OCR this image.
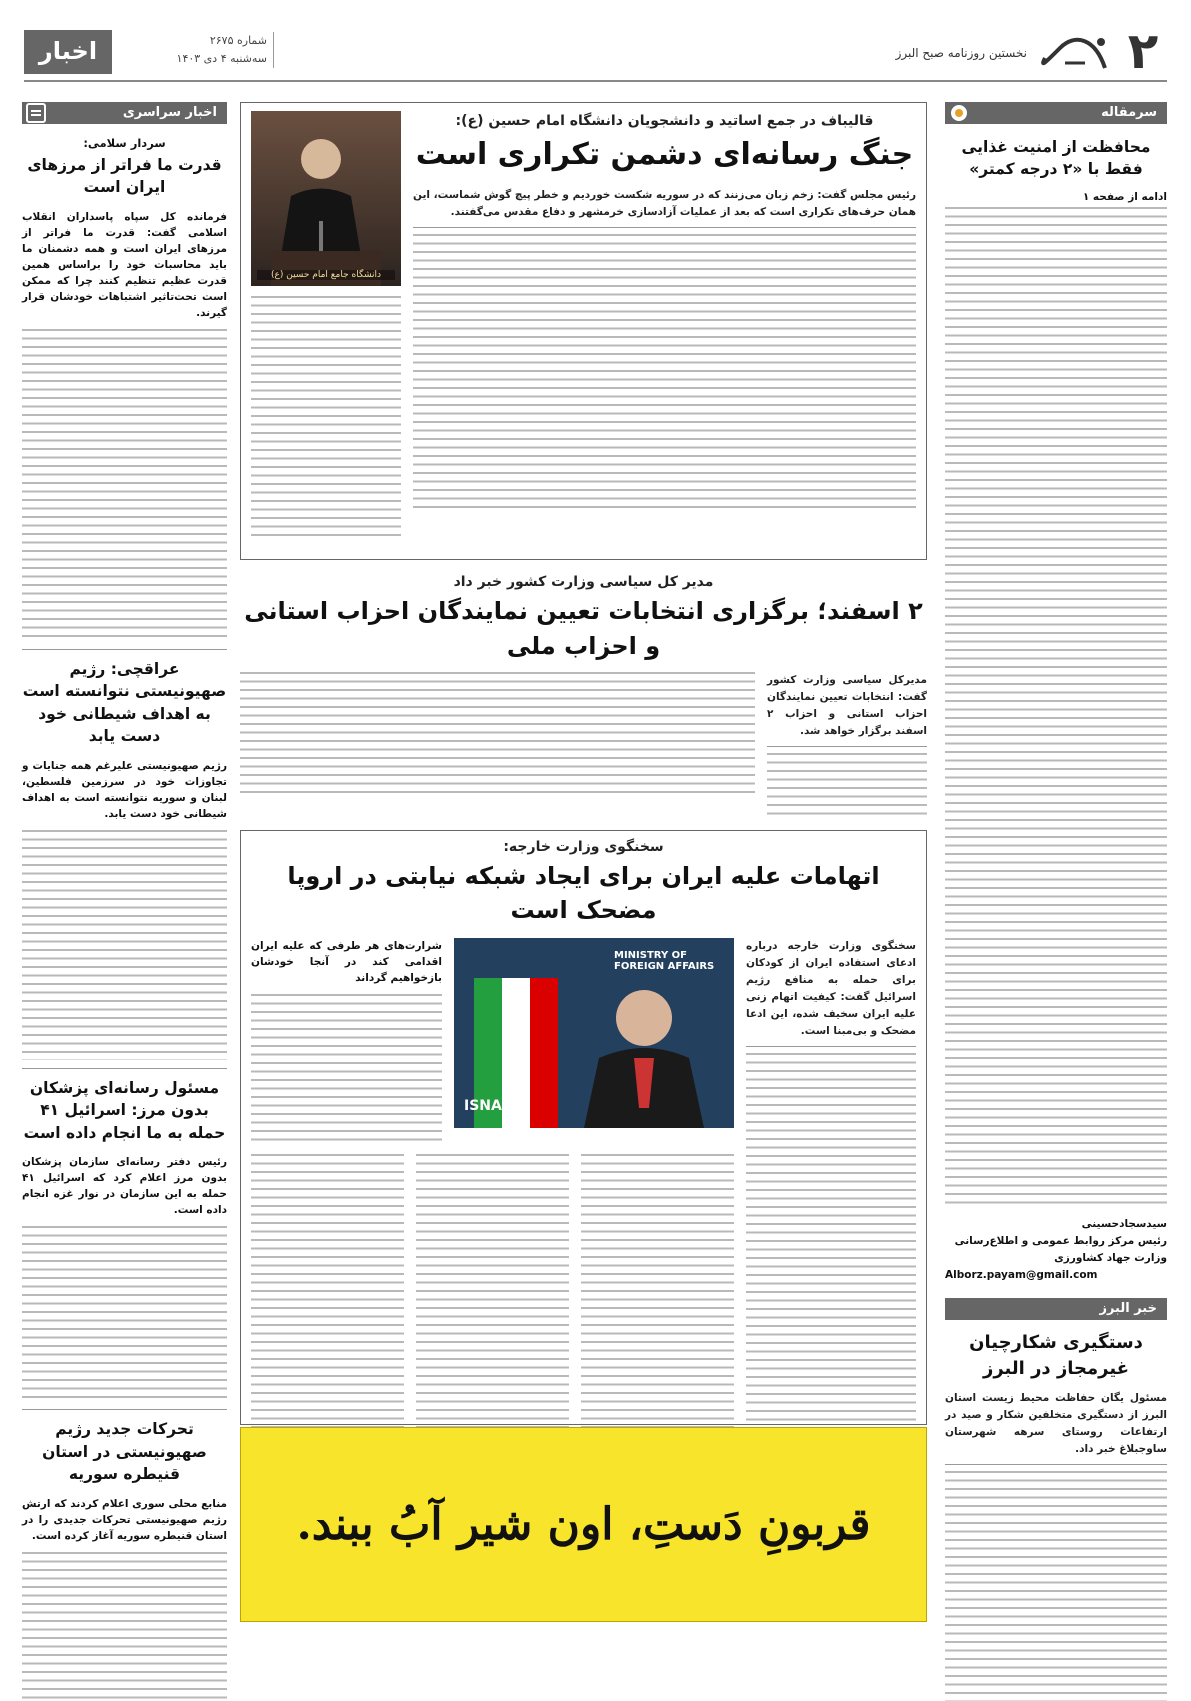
۲
نخستین روزنامه صبح البرز
شماره ۲۶۷۵
سه‌شنبه ۴ دی ۱۴۰۳
اخبار
سرمقاله
محافظت از امنیت غذایی فقط با «۲ درجه کمتر»
ادامه از صفحه ۱
سیدسجادحسینی
رئیس مرکز روابط عمومی و اطلاع‌رسانی وزارت جهاد کشاورزی
Alborz.payam@gmail.com
خبر البرز
دستگیری شکارچیان غیرمجاز در البرز
مسئول یگان حفاظت محیط زیست استان البرز از دستگیری متخلفین شکار و صید در ارتفاعات روستای سرهه شهرستان ساوجبلاغ خبر داد.
اخبار سراسری
سردار سلامی:
قدرت ما فراتر از مرزهای ایران است
فرمانده کل سپاه پاسداران انقلاب اسلامی گفت: قدرت ما فراتر از مرزهای ایران است و همه دشمنان ما باید محاسبات خود را براساس همین قدرت عظیم تنظیم کنند چرا که ممکن است تحت‌تاثیر اشتباهات خودشان قرار گیرند.
عراقچی: رژیم صهیونیستی نتوانسته است به اهداف شیطانی خود دست یابد
رژیم صهیونیستی علیرغم همه جنایات و تجاوزات خود در سرزمین فلسطین، لبنان و سوریه نتوانسته است به اهداف شیطانی خود دست یابد.
مسئول رسانه‌ای پزشکان بدون مرز: اسرائیل ۴۱ حمله به ما انجام داده است
رئیس دفتر رسانه‌ای سازمان پزشکان بدون مرز اعلام کرد که اسرائیل ۴۱ حمله به این سازمان در نوار غزه انجام داده است.
تحرکات جدید رژیم صهیونیستی در استان قنیطره سوریه
منابع محلی سوری اعلام کردند که ارتش رژیم صهیونیستی تحرکات جدیدی را در استان قنیطره سوریه آغاز کرده است.
قالیباف در جمع اساتید و دانشجویان دانشگاه امام حسین (ع):
جنگ رسانه‌ای دشمن تکراری است
رئیس مجلس گفت: زخم زبان می‌زنند که در سوریه شکست خوردیم و خطر پیچ گوش شماست، این همان حرف‌های تکراری است که بعد از عملیات آزادسازی خرمشهر و دفاع مقدس می‌گفتند.
دانشگاه جامع امام حسین (ع)
مدیر کل سیاسی وزارت کشور خبر داد
۲ اسفند؛ برگزاری انتخابات تعیین نمایندگان احزاب استانی و احزاب ملی
مدیرکل سیاسی وزارت کشور گفت: انتخابات تعیین نمایندگان احزاب استانی و احزاب ۲ اسفند برگزار خواهد شد.
سخنگوی وزارت خارجه:
اتهامات علیه ایران برای ایجاد شبکه نیابتی در اروپا مضحک است
سخنگوی وزارت خارجه درباره ادعای استفاده ایران از کودکان برای حمله به منافع رژیم اسرائیل گفت: کیفیت اتهام زنی علیه ایران سخیف شده، این ادعا مضحک و بی‌مبنا است.
MINISTRY OF FOREIGN AFFAIRS
ISNA PH
شرارت‌های هر طرفی که علیه ایران اقدامی کند در آنجا خودشان بازخواهیم گرداند
قربونِ دَستِ، اون شیر آبُ ببند.
